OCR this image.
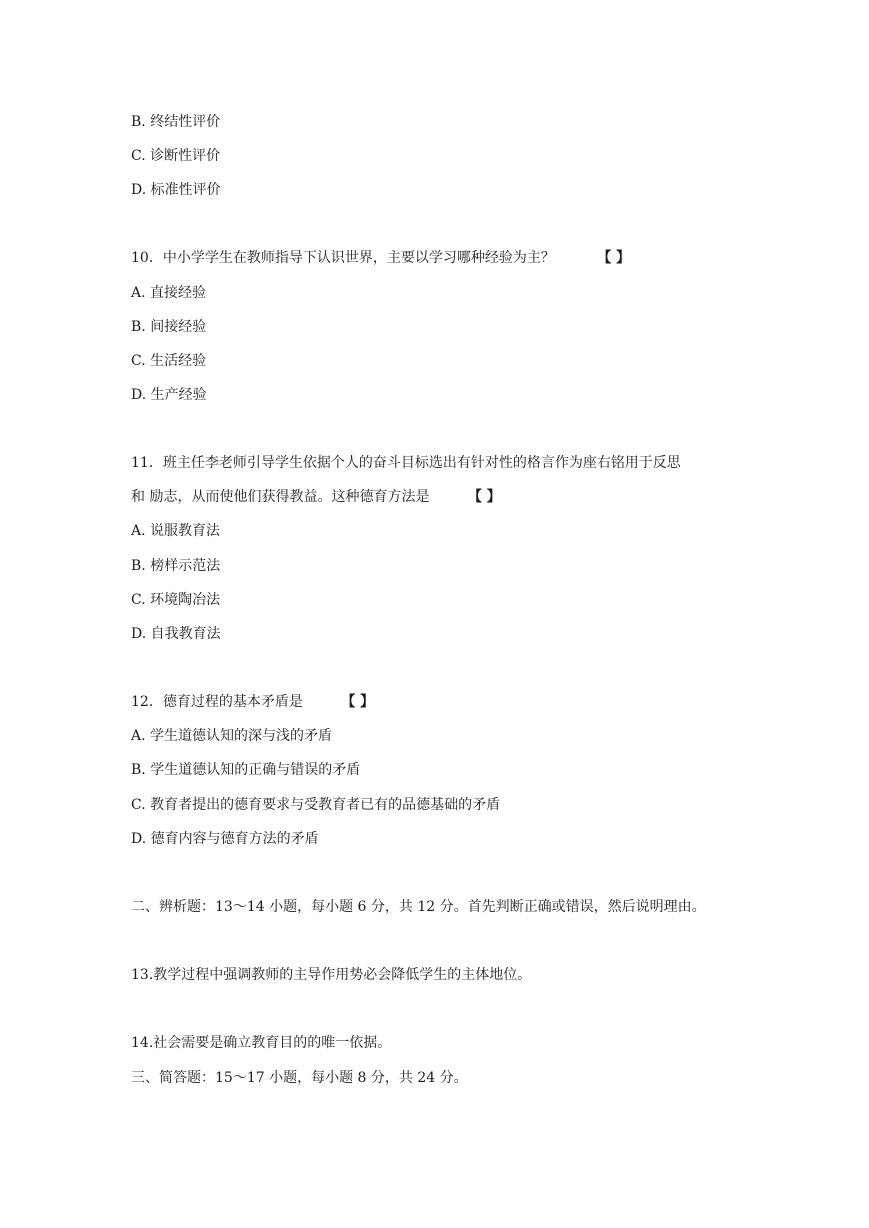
B. 终结性评价
C. 诊断性评价
D. 标准性评价
10．中小学学生在教师指导下认识世界，主要以学习哪种经验为主？	【 】
A. 直接经验
B. 间接经验
C. 生活经验
D. 生产经验
11．班主任李老师引导学生依据个人的奋斗目标选出有针对性的格言作为座右铭用于反思
和 励志，从而使他们获得教益。这种德育方法是	【 】
A. 说服教育法
B. 榜样示范法
C. 环境陶冶法
D. 自我教育法
12．德育过程的基本矛盾是	【 】
A. 学生道德认知的深与浅的矛盾
B. 学生道德认知的正确与错误的矛盾
C. 教育者提出的德育要求与受教育者已有的品德基础的矛盾
D. 德育内容与德育方法的矛盾
二、辨析题：13～14 小题，每小题 6 分，共 12 分。首先判断正确或错误，然后说明理由。
13.教学过程中强调教师的主导作用势必会降低学生的主体地位。
14.社会需要是确立教育目的的唯一依据。
三、简答题：15～17 小题，每小题 8 分，共 24 分。
